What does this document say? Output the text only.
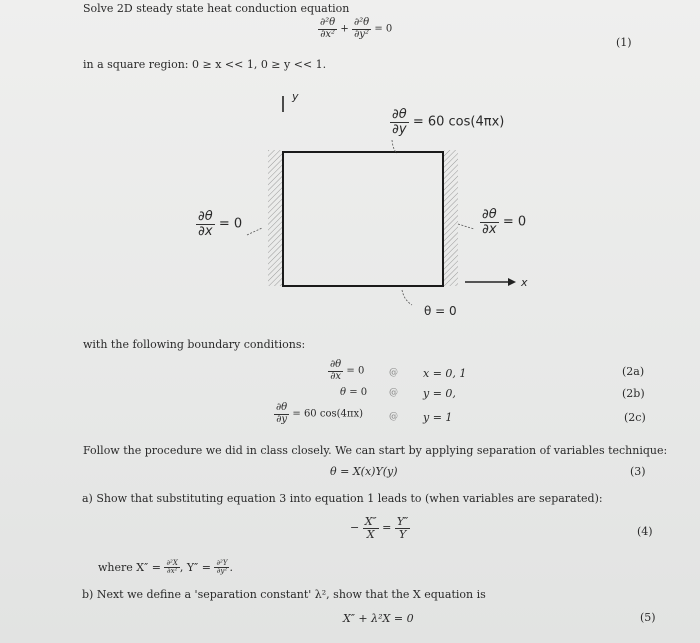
Solve 2D steady state heat conduction equation
$\frac{\text{∂²θ}}{\text{∂x²}} + \frac{\text{∂²θ}}{\text{∂y²}} = 0$
(1)
in a square region: 0 ≥ x << 1, 0 ≥ y << 1.
y
x
$\frac{\partial\theta}{\partial y} = 60$ cos(4πx)
$\frac{\partial\theta}{\partial x} = 0$	$\frac{\partial\theta}{\partial x} = 0$
θ = 0
with the following boundary conditions:
$\frac{\partial\theta}{\partial x} = 0$	@ x = 0, 1	(2a)
θ = 0 @ y = 0,	(2b)
$\frac{\partial\theta}{\partial y} = 60$ cos(4πx)	@ y = 1	(2c)
Follow the procedure we did in class closely. We can start by applying separation of variables technique:
θ = X(x)Y(y)	(3)
a) Show that substituting equation 3 into equation 1 leads to (when variables are separated):
− $\frac{X''}{X} = \frac{Y''}{Y}$	(4)
where $X'' = \frac{\text{∂²X}}{\text{∂x²}}$ , $Y'' = \frac{\text{∂²Y}}{\text{∂y²}}$ .
b) Next we define a 'separation constant' λ², show that the X equation is
X″ + λ²X = 0	(5)
